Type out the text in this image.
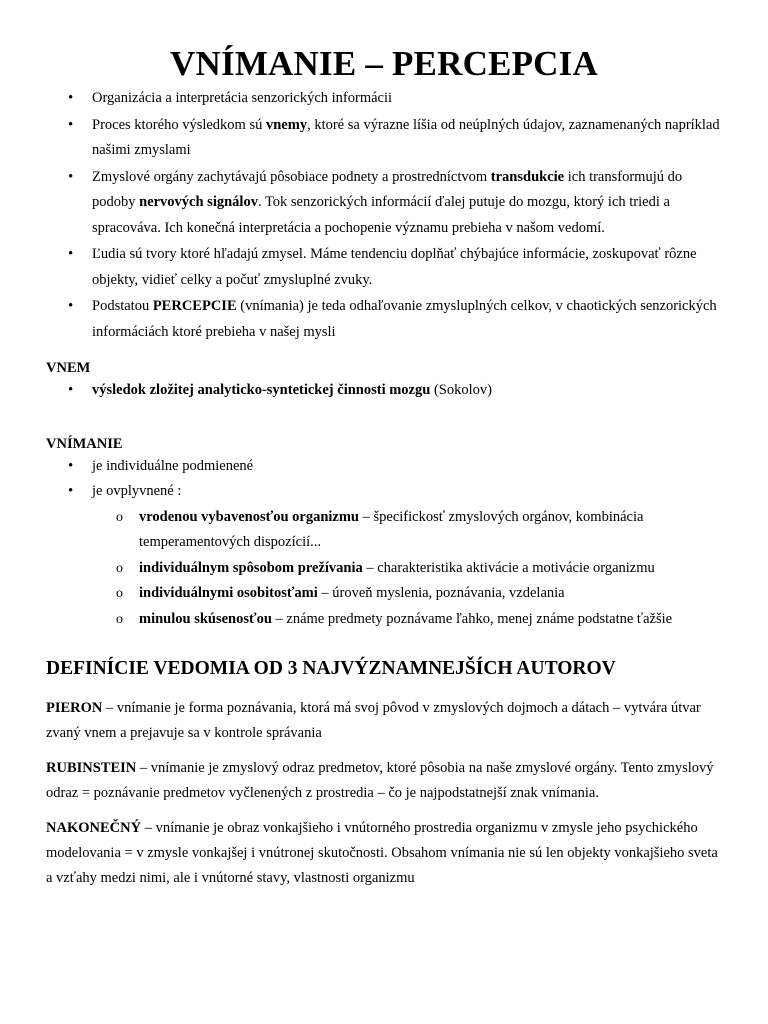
VNÍMANIE – PERCEPCIA
• Organizácia a interpretácia senzorických informácii
• Proces ktorého výsledkom sú vnemy, ktoré sa výrazne líšia od neúplných údajov, zaznamenaných napríklad našimi zmyslami
• Zmyslové orgány zachytávajú pôsobiace podnety a prostredníctvom transdukcie ich transformujú do podoby nervových signálov. Tok senzorických informácií ďalej putuje do mozgu, ktorý ich triedi a spracováva. Ich konečná interpretácia a pochopenie významu prebieha v našom vedomí.
• Ľudia sú tvory ktoré hľadajú zmysel. Máme tendenciu doplňať chýbajúce informácie, zoskupovať rôzne objekty, vidieť celky a počuť zmysluplné zvuky.
• Podstatou PERCEPCIE (vnímania) je teda odhaľovanie zmysluplných celkov, v chaotických senzorických informáciách ktoré prebieha v našej mysli

VNEM

• výsledok zložitej analyticko-syntetickej činnosti mozgu (Sokolov)

VNÍMANIE

• je individuálne podmienené
• je ovplyvnené :
o vrodenou vybavenosťou organizmu – špecifickosť zmyslových orgánov, kombinácia temperamentových dispozícií...
o individuálnym spôsobom prežívania – charakteristika aktivácie a motivácie organizmu
o individuálnymi osobitosťami – úroveň myslenia, poznávania, vzdelania
o minulou skúsenosťou – známe predmety poznávame ľahko, menej známe podstatne ťažšie
DEFINÍCIE VEDOMIA OD 3 NAJVÝZNAMNEJŠÍCH AUTOROV

PIERON – vnímanie je forma poznávania, ktorá má svoj pôvod v zmyslových dojmoch a dátach – vytvára útvar zvaný vnem a prejavuje sa v kontrole správania

RUBINSTEIN – vnímanie je zmyslový odraz predmetov, ktoré pôsobia na naše zmyslové orgány. Tento zmyslový odraz = poznávanie predmetov vyčlenených z prostredia – čo je najpodstatnejší znak vnímania.

NAKONEČNÝ – vnímanie je obraz vonkajšieho i vnútorného prostredia organizmu v zmysle jeho psychického modelovania = v zmysle vonkajšej i vnútronej skutočnosti. Obsahom vnímania nie sú len objekty vonkajšieho sveta a vzťahy medzi nimi, ale i vnútorné stavy, vlastnosti organizmu
